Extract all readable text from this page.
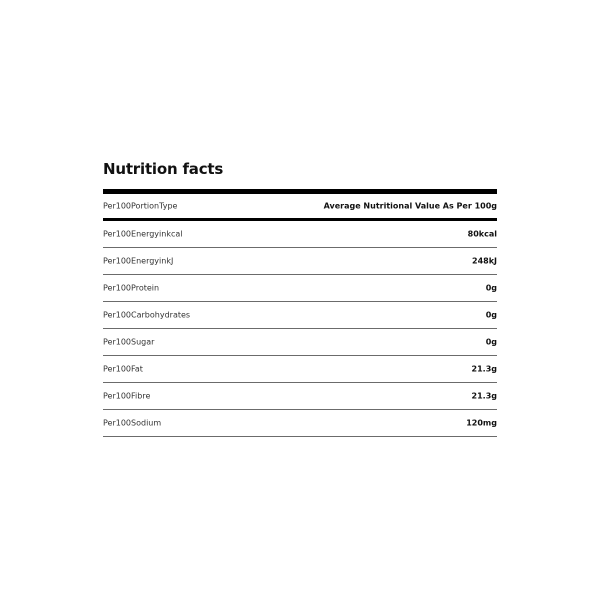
Nutrition facts
Per100PortionType	Average Nutritional Value As Per 100g
Per100Energyinkcal	80kcal
Per100EnergyinkJ	248kJ
Per100Protein	0g
Per100Carbohydrates	0g
Per100Sugar	0g
Per100Fat	21.3g
Per100Fibre	21.3g
Per100Sodium	120mg
